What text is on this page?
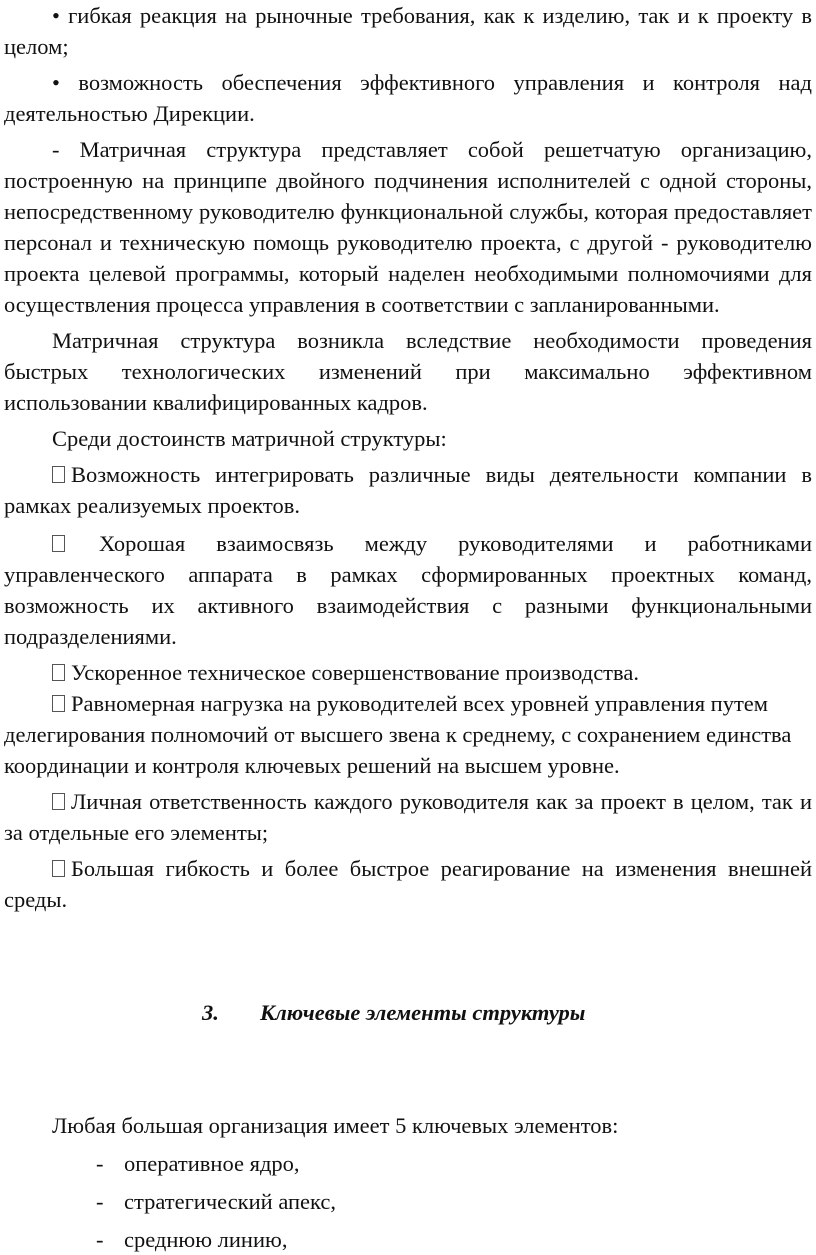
• гибкая реакция на рыночные требования, как к изделию, так и к проекту в целом;

• возможность обеспечения эффективного управления и контроля над деятельностью Дирекции.

- Матричная структура представляет собой решетчатую организацию, построенную на принципе двойного подчинения исполнителей с одной стороны, непосредственному руководителю функциональной службы, которая предоставляет персонал и техническую помощь руководителю проекта, с другой - руководителю проекта целевой программы, который наделен необходимыми полномочиями для осуществления процесса управления в соответствии с запланированными.

Матричная структура возникла вследствие необходимости проведения быстрых технологических изменений при максимально эффективном использовании квалифицированных кадров.

Среди достоинств матричной структуры:

Возможность интегрировать различные виды деятельности компании в рамках реализуемых проектов.

Хорошая взаимосвязь между руководителями и работниками управленческого аппарата в рамках сформированных проектных команд, возможность их активного взаимодействия с разными функциональными подразделениями.

Ускоренное техническое совершенствование производства.

Равномерная нагрузка на руководителей всех уровней управления путем делегирования полномочий от высшего звена к среднему, с сохранением единства координации и контроля ключевых решений на высшем уровне.

Личная ответственность каждого руководителя как за проект в целом, так и за отдельные его элементы;

Большая гибкость и более быстрое реагирование на изменения внешней среды.

3. Ключевые элементы структуры

Любая большая организация имеет 5 ключевых элементов:

- оперативное ядро,

- стратегический апекс,

- среднюю линию,
